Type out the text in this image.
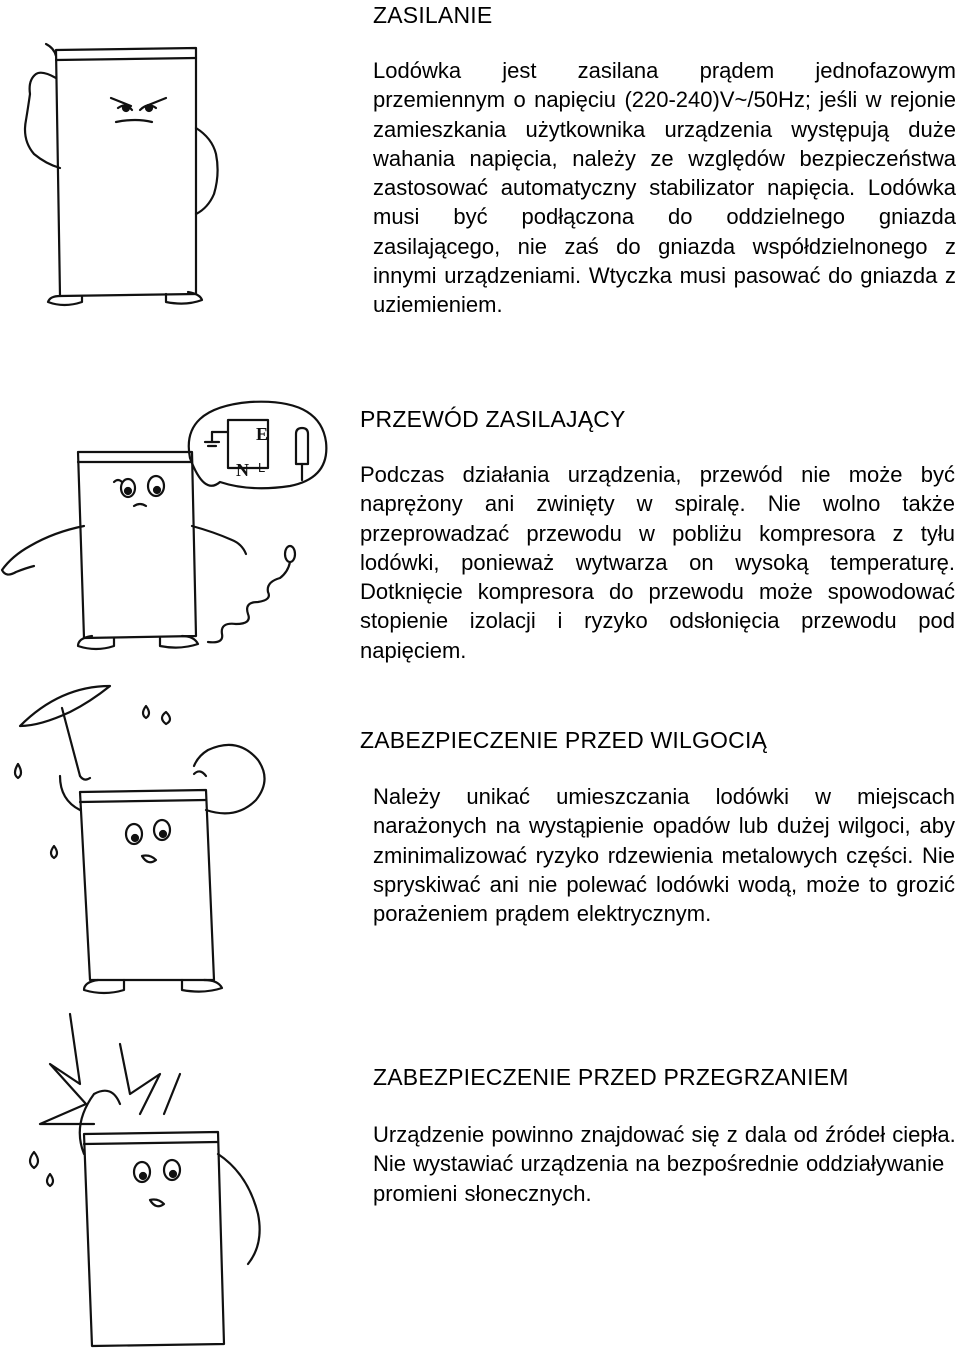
ZASILANIE

Lodówka jest zasilana prądem jednofazowym przemiennym o napięciu (220-240)V~/50Hz; jeśli w rejonie zamieszkania użytkownika urządzenia występują duże wahania napięcia, należy ze względów bezpieczeństwa zastosować automatyczny stabilizator napięcia. Lodówka musi być podłączona do oddzielnego gniazda zasilającego, nie zaś do gniazda współdzielnonego z innymi urządzeniami. Wtyczka musi pasować do gniazda z uziemieniem.

E
N L
PRZEWÓD ZASILAJĄCY

Podczas działania urządzenia, przewód nie może być naprężony ani zwinięty w spiralę. Nie wolno także przeprowadzać przewodu w pobliżu kompresora z tyłu lodówki, ponieważ wytwarza on wysoką temperaturę. Dotknięcie kompresora do przewodu może spowodować stopienie izolacji i ryzyko odsłonięcia przewodu pod napięciem.

ZABEZPIECZENIE PRZED WILGOCIĄ

Należy unikać umieszczania lodówki w miejscach narażonych na wystąpienie opadów lub dużej wilgoci, aby zminimalizować ryzyko rdzewienia metalowych części. Nie spryskiwać ani nie polewać lodówki wodą, może to grozić porażeniem prądem elektrycznym.

ZABEZPIECZENIE PRZED PRZEGRZANIEM

Urządzenie powinno znajdować się z dala od źródeł ciepła. Nie wystawiać urządzenia na bezpośrednie oddziaływanie promieni słonecznych.
